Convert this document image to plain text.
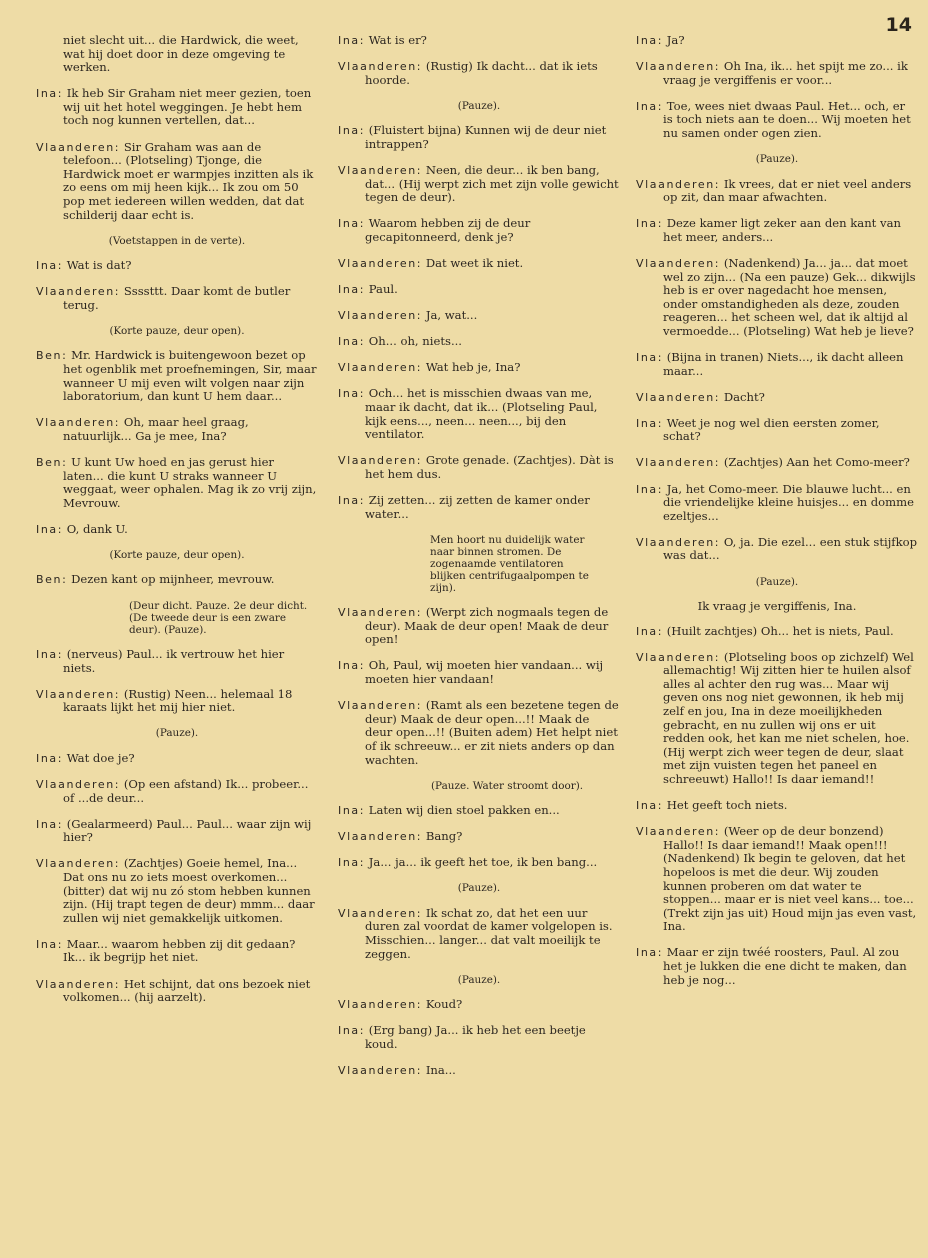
14

niet slecht uit... die Hardwick, die weet, wat hij doet door in deze omgeving te werken.

Ina: Ik heb Sir Graham niet meer gezien, toen wij uit het hotel weggingen. Je hebt hem toch nog kunnen vertellen, dat...

Vlaanderen: Sir Graham was aan de telefoon... (Plotseling) Tjonge, die Hardwick moet er warmpjes inzitten als ik zo eens om mij heen kijk... Ik zou om 50 pop met iedereen willen wedden, dat dat schilderij daar echt is.

(Voetstappen in de verte).

Ina: Wat is dat?

Vlaanderen: Ssssttt. Daar komt de butler terug.

(Korte pauze, deur open).

Ben: Mr. Hardwick is buitengewoon bezet op het ogenblik met proefnemingen, Sir, maar wanneer U mij even wilt volgen naar zijn laboratorium, dan kunt U hem daar...

Vlaanderen: Oh, maar heel graag, natuurlijk... Ga je mee, Ina?

Ben: U kunt Uw hoed en jas gerust hier laten... die kunt U straks wanneer U weggaat, weer ophalen. Mag ik zo vrij zijn, Mevrouw.

Ina: O, dank U.

(Korte pauze, deur open).

Ben: Dezen kant op mijnheer, mevrouw.

(Deur dicht. Pauze. 2e deur dicht. (De tweede deur is een zware deur). (Pauze).

Ina: (nerveus) Paul... ik vertrouw het hier niets.

Vlaanderen: (Rustig) Neen... helemaal 18 karaats lijkt het mij hier niet.

(Pauze).

Ina: Wat doe je?

Vlaanderen: (Op een afstand) Ik... probeer... of ...de deur...

Ina: (Gealarmeerd) Paul... Paul... waar zijn wij hier?

Vlaanderen: (Zachtjes) Goeie hemel, Ina... Dat ons nu zo iets moest overkomen... (bitter) dat wij nu zó stom hebben kunnen zijn. (Hij trapt tegen de deur) mmm... daar zullen wij niet gemakkelijk uitkomen.

Ina: Maar... waarom hebben zij dit gedaan? Ik... ik begrijp het niet.

Vlaanderen: Het schijnt, dat ons bezoek niet volkomen... (hij aarzelt).

Ina: Wat is er?

Vlaanderen: (Rustig) Ik dacht... dat ik iets hoorde.

(Pauze).

Ina: (Fluistert bijna) Kunnen wij de deur niet intrappen?

Vlaanderen: Neen, die deur... ik ben bang, dat... (Hij werpt zich met zijn volle gewicht tegen de deur).

Ina: Waarom hebben zij de deur gecapitonneerd, denk je?

Vlaanderen: Dat weet ik niet.

Ina: Paul.

Vlaanderen: Ja, wat...

Ina: Oh... oh, niets...

Vlaanderen: Wat heb je, Ina?

Ina: Och... het is misschien dwaas van me, maar ik dacht, dat ik... (Plotseling Paul, kijk eens..., neen... neen..., bij den ventilator.

Vlaanderen: Grote genade. (Zachtjes). Dàt is het hem dus.

Ina: Zij zetten... zij zetten de kamer onder water...

Men hoort nu duidelijk water naar binnen stromen. De zogenaamde ventilatoren blijken centrifugaalpompen te zijn).

Vlaanderen: (Werpt zich nogmaals tegen de deur). Maak de deur open! Maak de deur open!

Ina: Oh, Paul, wij moeten hier vandaan... wij moeten hier vandaan!

Vlaanderen: (Ramt als een bezetene tegen de deur) Maak de deur open...!! Maak de deur open...!! (Buiten adem) Het helpt niet of ik schreeuw... er zit niets anders op dan wachten.

(Pauze. Water stroomt door).

Ina: Laten wij dien stoel pakken en...

Vlaanderen: Bang?

Ina: Ja... ja... ik geeft het toe, ik ben bang...

(Pauze).

Vlaanderen: Ik schat zo, dat het een uur duren zal voordat de kamer volgelopen is. Misschien... langer... dat valt moeilijk te zeggen.

(Pauze).

Vlaanderen: Koud?

Ina: (Erg bang) Ja... ik heb het een beetje koud.

Vlaanderen: Ina...

Ina: Ja?

Vlaanderen: Oh Ina, ik... het spijt me zo... ik vraag je vergiffenis er voor...

Ina: Toe, wees niet dwaas Paul. Het... och, er is toch niets aan te doen... Wij moeten het nu samen onder ogen zien.

(Pauze).

Vlaanderen: Ik vrees, dat er niet veel anders op zit, dan maar afwachten.

Ina: Deze kamer ligt zeker aan den kant van het meer, anders...

Vlaanderen: (Nadenkend) Ja... ja... dat moet wel zo zijn... (Na een pauze) Gek... dikwijls heb is er over nagedacht hoe mensen, onder omstandigheden als deze, zouden reageren... het scheen wel, dat ik altijd al vermoedde... (Plotseling) Wat heb je lieve?

Ina: (Bijna in tranen) Niets..., ik dacht alleen maar...

Vlaanderen: Dacht?

Ina: Weet je nog wel dien eersten zomer, schat?

Vlaanderen: (Zachtjes) Aan het Como-meer?

Ina: Ja, het Como-meer. Die blauwe lucht... en die vriendelijke kleine huisjes... en domme ezeltjes...

Vlaanderen: O, ja. Die ezel... een stuk stijfkop was dat...

(Pauze).

Ik vraag je vergiffenis, Ina.

Ina: (Huilt zachtjes) Oh... het is niets, Paul.

Vlaanderen: (Plotseling boos op zichzelf) Wel allemachtig! Wij zitten hier te huilen alsof alles al achter den rug was... Maar wij geven ons nog niet gewonnen, ik heb mij zelf en jou, Ina in deze moeilijkheden gebracht, en nu zullen wij ons er uit redden ook, het kan me niet schelen, hoe. (Hij werpt zich weer tegen de deur, slaat met zijn vuisten tegen het paneel en schreeuwt) Hallo!! Is daar iemand!!

Ina: Het geeft toch niets.

Vlaanderen: (Weer op de deur bonzend) Hallo!! Is daar iemand!! Maak open!!! (Nadenkend) Ik begin te geloven, dat het hopeloos is met die deur. Wij zouden kunnen proberen om dat water te stoppen... maar er is niet veel kans... toe... (Trekt zijn jas uit) Houd mijn jas even vast, Ina.

Ina: Maar er zijn twéé roosters, Paul. Al zou het je lukken die ene dicht te maken, dan heb je nog...
